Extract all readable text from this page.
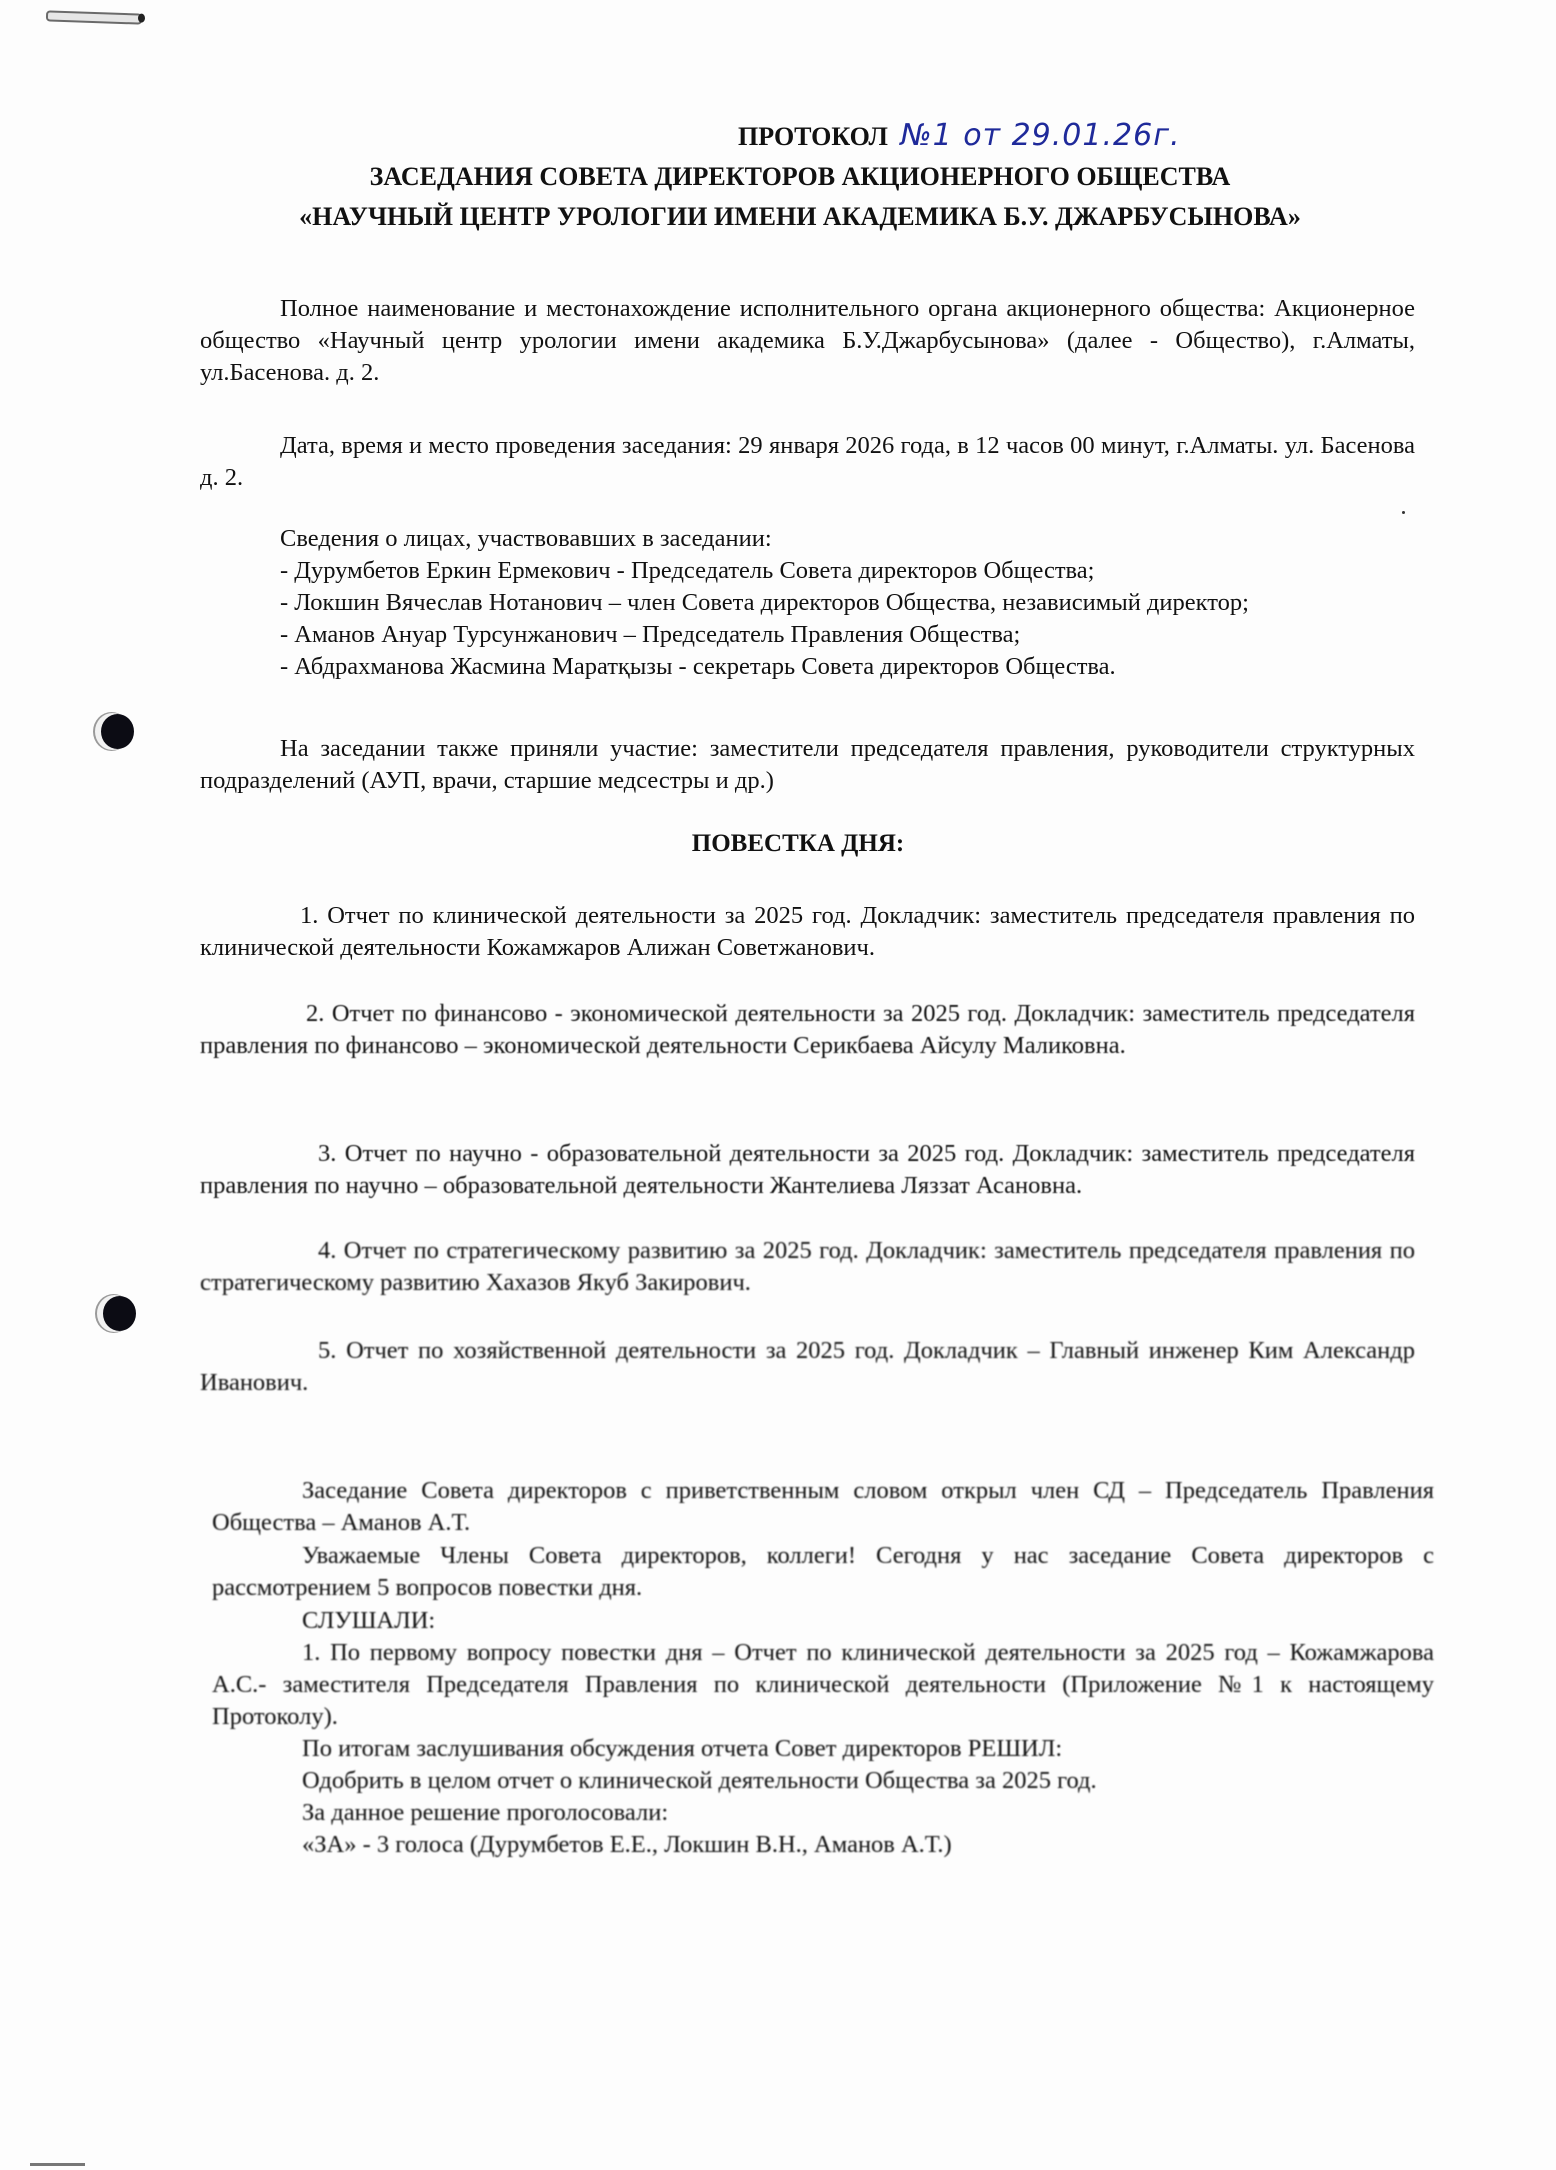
ПРОТОКОЛ №1 от 29.01.26г.
ЗАСЕДАНИЯ СОВЕТА ДИРЕКТОРОВ АКЦИОНЕРНОГО ОБЩЕСТВА
«НАУЧНЫЙ ЦЕНТР УРОЛОГИИ ИМЕНИ АКАДЕМИКА Б.У. ДЖАРБУСЫНОВА»
Полное наименование и местонахождение исполнительного органа акционерного общества: Акционерное общество «Научный центр урологии имени академика Б.У.Джарбусынова» (далее - Общество), г.Алматы, ул.Басенова. д. 2.
Дата, время и место проведения заседания: 29 января 2026 года, в 12 часов 00 минут, г.Алматы. ул. Басенова д. 2.
Сведения о лицах, участвовавших в заседании:
- Дурумбетов Еркин Ермекович - Председатель Совета директоров Общества;
- Локшин Вячеслав Нотанович – член Совета директоров Общества, независимый директор;
- Аманов Ануар Турсунжанович – Председатель Правления Общества;
- Абдрахманова Жасмина Маратқызы - секретарь Совета директоров Общества.
На заседании также приняли участие: заместители председателя правления, руководители структурных подразделений (АУП, врачи, старшие медсестры и др.)
ПОВЕСТКА ДНЯ:
1. Отчет по клинической деятельности за 2025 год. Докладчик: заместитель председателя правления по клинической деятельности Кожамжаров Алижан Советжанович.
2. Отчет по финансово - экономической деятельности за 2025 год. Докладчик: заместитель председателя правления по финансово – экономической деятельности Серикбаева Айсулу Маликовна.
3. Отчет по научно - образовательной деятельности за 2025 год. Докладчик: заместитель председателя правления по научно – образовательной деятельности Жантелиева Ляззат Асановна.
4. Отчет по стратегическому развитию за 2025 год. Докладчик: заместитель председателя правления по стратегическому развитию Хахазов Якуб Закирович.
5. Отчет по хозяйственной деятельности за 2025 год. Докладчик – Главный инженер Ким Александр Иванович.
Заседание Совета директоров с приветственным словом открыл член СД – Председатель Правления Общества – Аманов А.Т.
Уважаемые Члены Совета директоров, коллеги! Сегодня у нас заседание Совета директоров с рассмотрением 5 вопросов повестки дня.
СЛУШАЛИ:
1. По первому вопросу повестки дня – Отчет по клинической деятельности за 2025 год – Кожамжарова А.С.- заместителя Председателя Правления по клинической деятельности (Приложение №1 к настоящему Протоколу).
По итогам заслушивания обсуждения отчета Совет директоров РЕШИЛ:
Одобрить в целом отчет о клинической деятельности Общества за 2025 год.
За данное решение проголосовали:
«ЗА» - 3 голоса (Дурумбетов Е.Е., Локшин В.Н., Аманов А.Т.)
